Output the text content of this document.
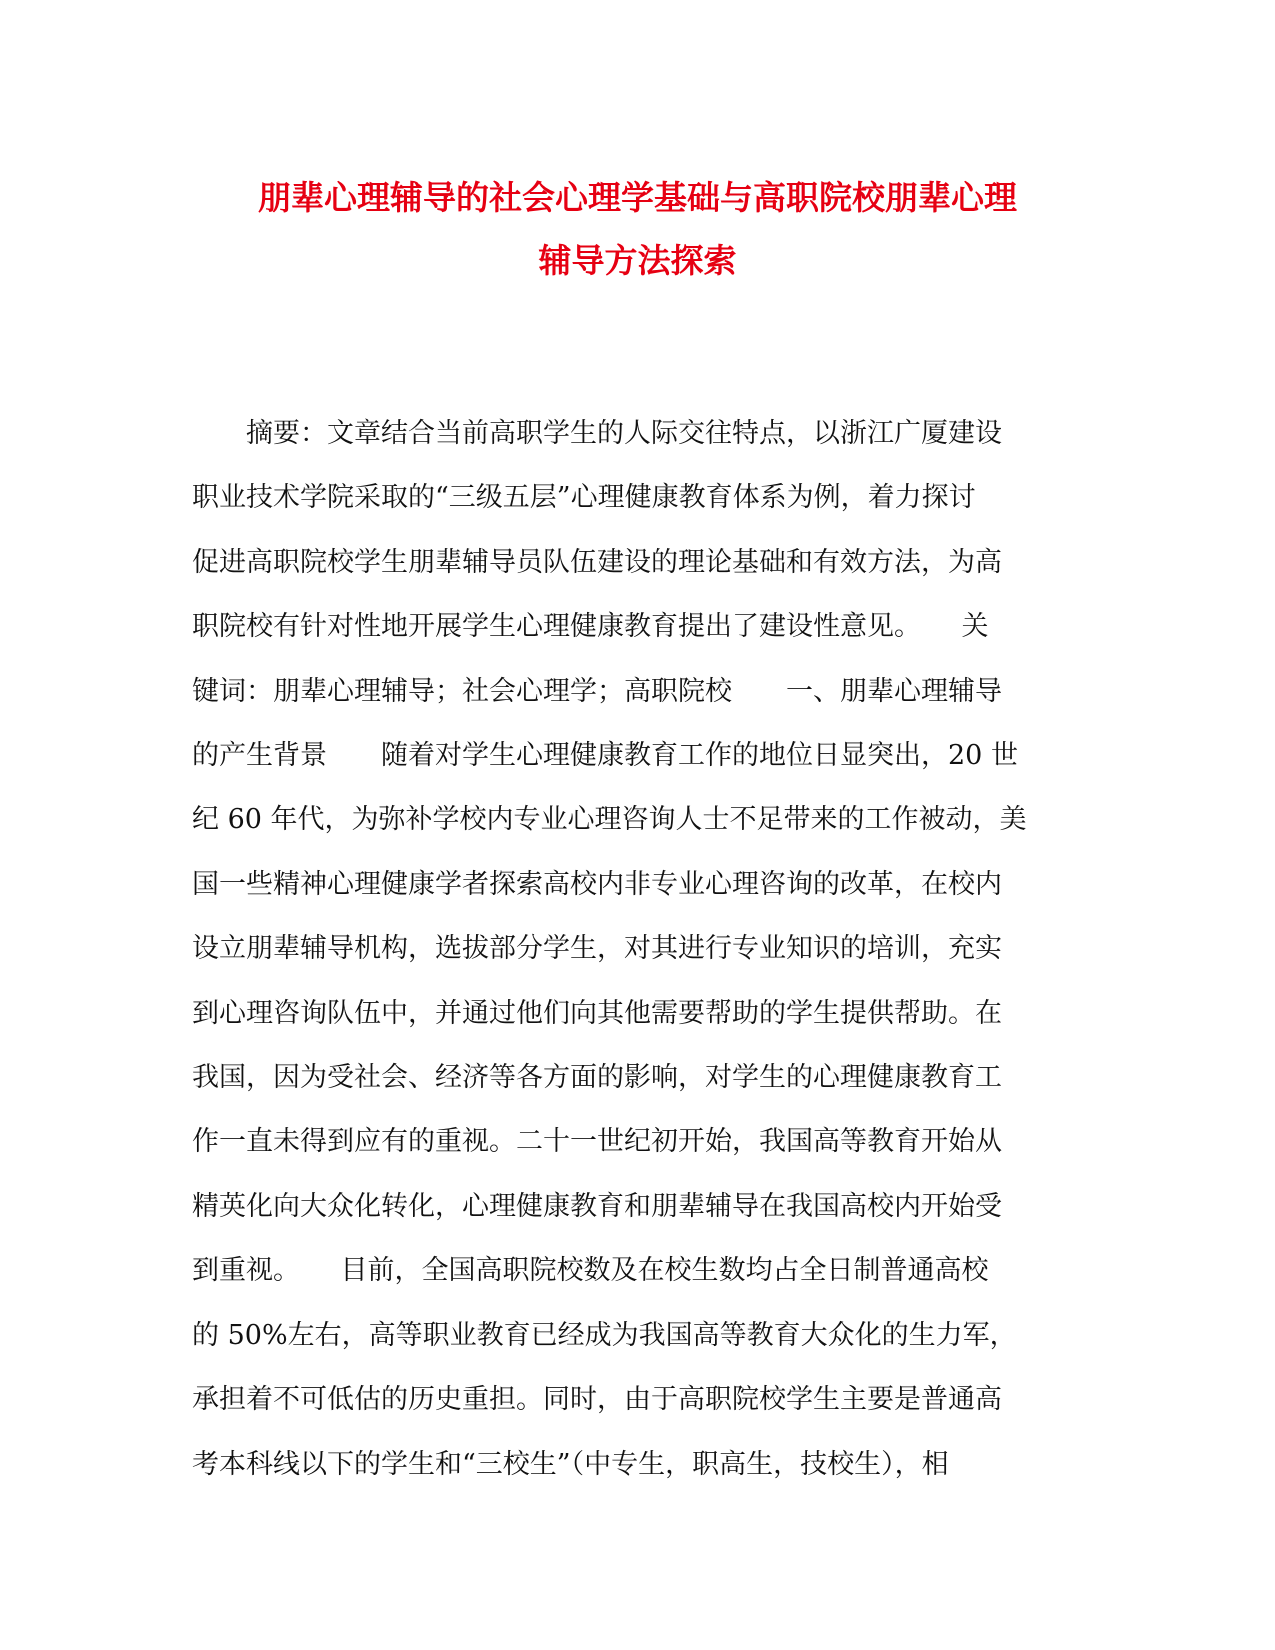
朋辈心理辅导的社会心理学基础与高职院校朋辈心理
辅导方法探索
　　摘要：文章结合当前高职学生的人际交往特点，以浙江广厦建设
职业技术学院采取的“三级五层”心理健康教育体系为例，着力探讨
促进高职院校学生朋辈辅导员队伍建设的理论基础和有效方法，为高
职院校有针对性地开展学生心理健康教育提出了建设性意见。　　关
键词：朋辈心理辅导；社会心理学；高职院校　　一、朋辈心理辅导
的产生背景　　随着对学生心理健康教育工作的地位日显突出，20 世
纪 60 年代，为弥补学校内专业心理咨询人士不足带来的工作被动，美
国一些精神心理健康学者探索高校内非专业心理咨询的改革，在校内
设立朋辈辅导机构，选拔部分学生，对其进行专业知识的培训，充实
到心理咨询队伍中，并通过他们向其他需要帮助的学生提供帮助。在
我国，因为受社会、经济等各方面的影响，对学生的心理健康教育工
作一直未得到应有的重视。二十一世纪初开始，我国高等教育开始从
精英化向大众化转化，心理健康教育和朋辈辅导在我国高校内开始受
到重视。　　目前，全国高职院校数及在校生数均占全日制普通高校
的 50%左右，高等职业教育已经成为我国高等教育大众化的生力军，
承担着不可低估的历史重担。同时，由于高职院校学生主要是普通高
考本科线以下的学生和“三校生”（中专生，职高生，技校生），相
